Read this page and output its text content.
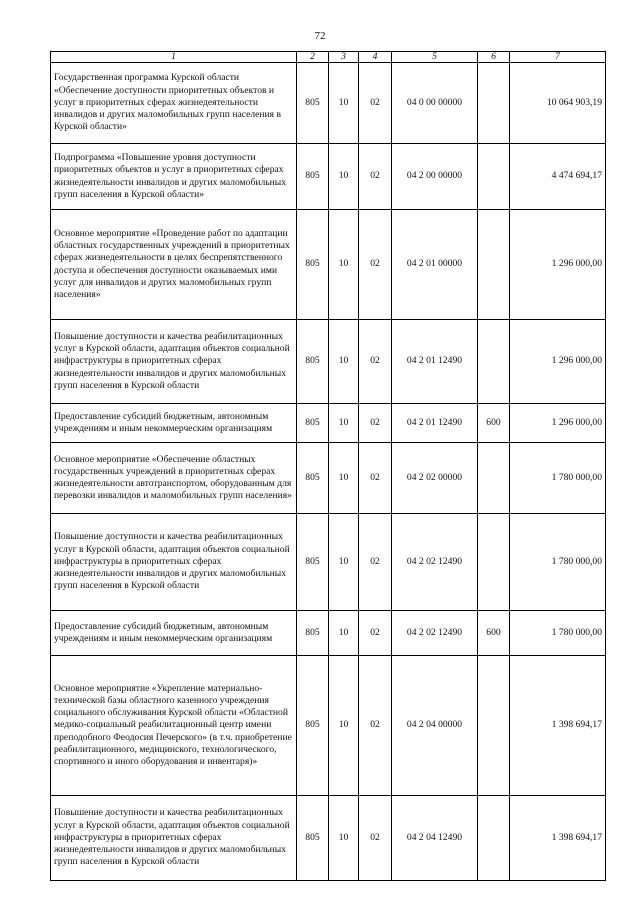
72
1	2	3	4	5	6	7
Государственная программа Курской области «Обеспечение доступности приоритетных объектов и услуг в приоритетных сферах жизнедеятельности инвалидов и других маломобильных групп населения в Курской области»	805	10	02	04 0 00 00000		10 064 903,19
Подпрограмма «Повышение уровня доступности приоритетных объектов и услуг в приоритетных сферах жизнедеятельности инвалидов и других маломобильных групп населения в Курской области»	805	10	02	04 2 00 00000		4 474 694,17
Основное мероприятие «Проведение работ по адаптации областных государственных учреждений в приоритетных сферах жизнедеятельности в целях беспрепятственного доступа и обеспечения доступности оказываемых ими услуг для инвалидов и других маломобильных групп населения»	805	10	02	04 2 01 00000		1 296 000,00
Повышение доступности и качества реабилитационных услуг в Курской области, адаптация объектов социальной инфраструктуры в приоритетных сферах жизнедеятельности инвалидов и других маломобильных групп населения в Курской области	805	10	02	04 2 01 12490		1 296 000,00
Предоставление субсидий бюджетным, автономным учреждениям и иным некоммерческим организациям	805	10	02	04 2 01 12490	600	1 296 000,00
Основное мероприятие «Обеспечение областных государственных учреждений в приоритетных сферах жизнедеятельности автотранспортом, оборудованным для перевозки инвалидов и маломобильных групп населения»	805	10	02	04 2 02 00000		1 780 000,00
Повышение доступности и качества реабилитационных услуг в Курской области, адаптация объектов социальной инфраструктуры в приоритетных сферах жизнедеятельности инвалидов и других маломобильных групп населения в Курской области	805	10	02	04 2 02 12490		1 780 000,00
Предоставление субсидий бюджетным, автономным учреждениям и иным некоммерческим организациям	805	10	02	04 2 02 12490	600	1 780 000,00
Основное мероприятие «Укрепление материально-технической базы областного казенного учреждения социального обслуживания Курской области «Областной медико-социальный реабилитационный центр имени преподобного Феодосия Печерского» (в т.ч. приобретение реабилитационного, медицинского, технологического, спортивного и иного оборудования и инвентаря)»	805	10	02	04 2 04 00000		1 398 694,17
Повышение доступности и качества реабилитационных услуг в Курской области, адаптация объектов социальной инфраструктуры в приоритетных сферах жизнедеятельности инвалидов и других маломобильных групп населения в Курской области	805	10	02	04 2 04 12490		1 398 694,17
